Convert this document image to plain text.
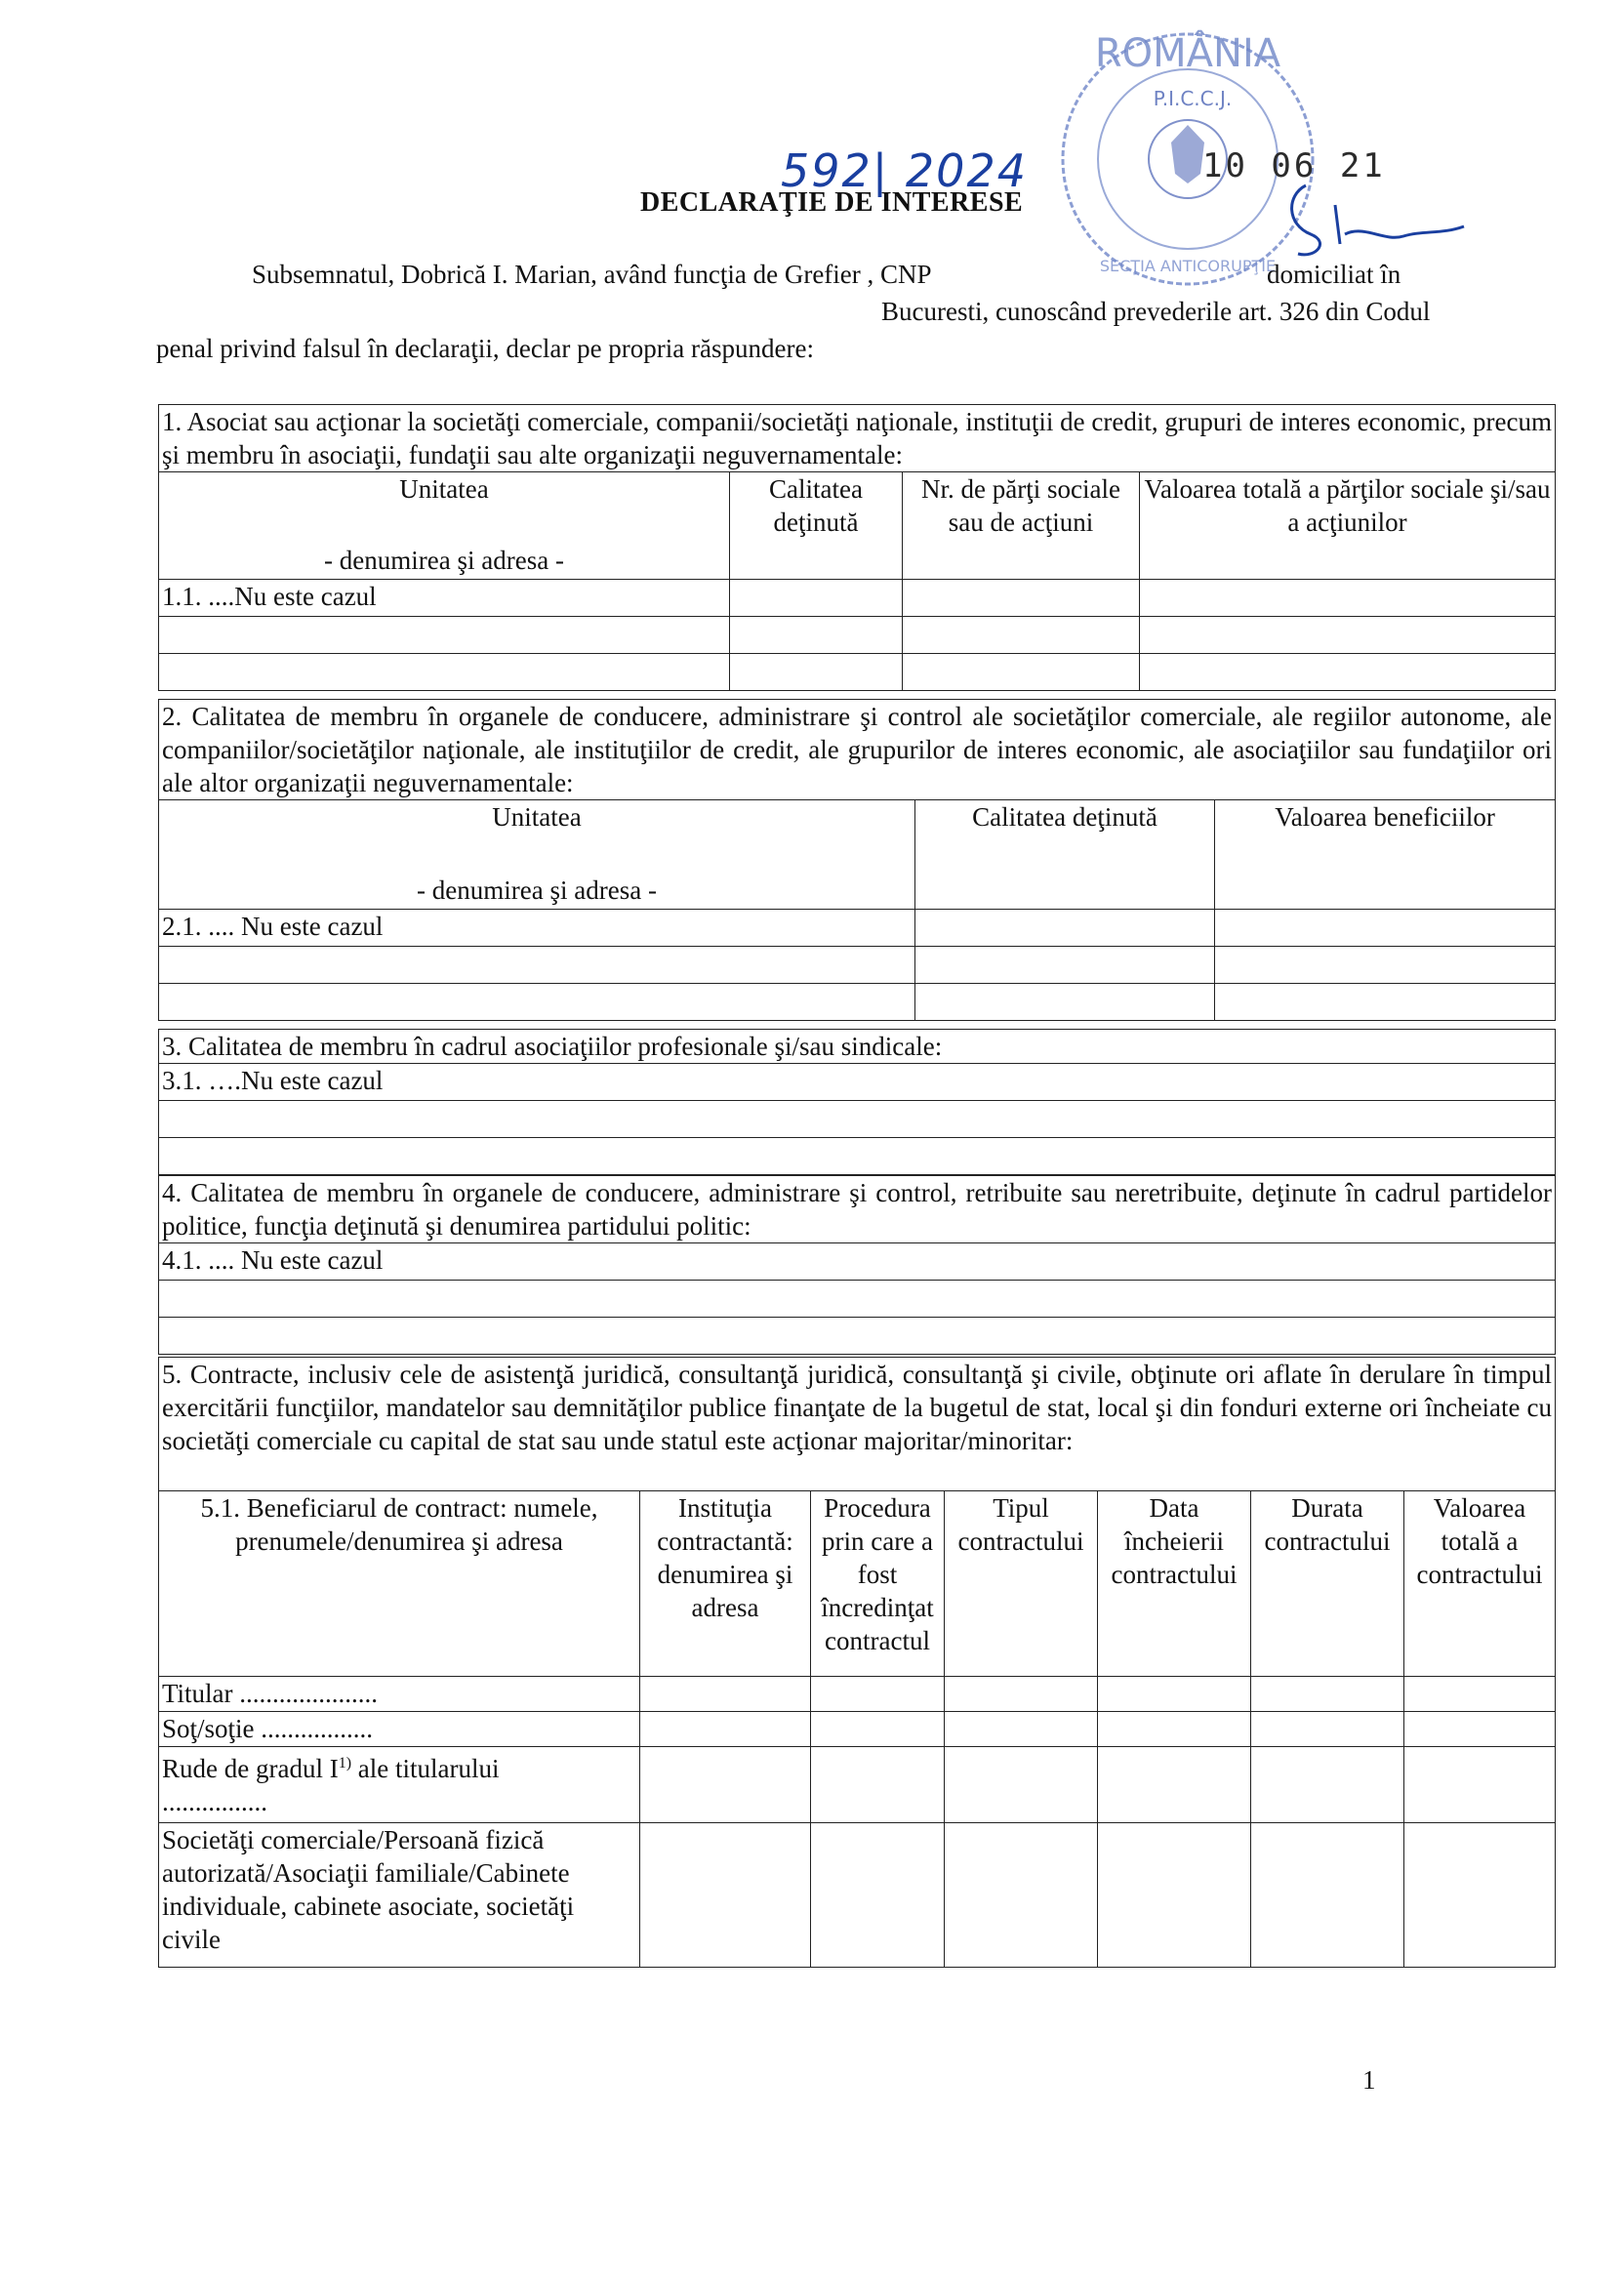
592| 2024
ROMÂNIA
P.I.C.C.J.
SECŢIA ANTICORUPŢIE
10 06 21
DECLARAŢIE DE INTERESE
Subsemnatul, Dobrică I. Marian, având funcţia de Grefier , CNP	domiciliat în
Bucuresti, cunoscând prevederile art. 326 din Codul
penal privind falsul în declaraţii, declar pe propria răspundere:
1. Asociat sau acţionar la societăţi comerciale, companii/societăţi naţionale, instituţii de credit, grupuri de interes economic, precum şi membru în asociaţii, fundaţii sau alte organizaţii neguvernamentale:			

Unitatea
- denumirea şi adresa -	Calitatea deţinută	Nr. de părţi sociale sau de acţiuni	Valoarea totală a părţilor sociale şi/sau a acţiunilor
1.1. ....Nu este cazul			

2. Calitatea de membru în organele de conducere, administrare şi control ale societăţilor comerciale, ale regiilor autonome, ale companiilor/societăţilor naţionale, ale instituţiilor de credit, ale grupurilor de interes economic, ale asociaţiilor sau fundaţiilor ori ale altor organizaţii neguvernamentale:		

Unitatea
- denumirea şi adresa -	Calitatea deţinută	Valoarea beneficiilor
2.1. .... Nu este cazul		

3. Calitatea de membru în cadrul asociaţiilor profesionale şi/sau sindicale:
3.1. ….Nu este cazul

4. Calitatea de membru în organele de conducere, administrare şi control, retribuite sau neretribuite, deţinute în cadrul partidelor politice, funcţia deţinută şi denumirea partidului politic:
4.1. .... Nu este cazul

5. Contracte, inclusiv cele de asistenţă juridică, consultanţă juridică, consultanţă şi civile, obţinute ori aflate în derulare în timpul exercitării funcţiilor, mandatelor sau demnităţilor publice finanţate de la bugetul de stat, local şi din fonduri externe ori încheiate cu societăţi comerciale cu capital de stat sau unde statul este acţionar majoritar/minoritar:						
5.1. Beneficiarul de contract: numele, prenumele/denumirea şi adresa	Instituţia contractantă: denumirea şi adresa	Procedura prin care a fost încredinţat contractul	Tipul contractului	Data încheierii contractului	Durata contractului	Valoarea totală a contractului
Titular .....................						
Soţ/soţie .................						
Rude de gradul $I^{1)}$ ale titularului
................						
Societăţi comerciale/Persoană fizică autorizată/Asociaţii familiale/Cabinete individuale, cabinete asociate, societăţi civile						
1
